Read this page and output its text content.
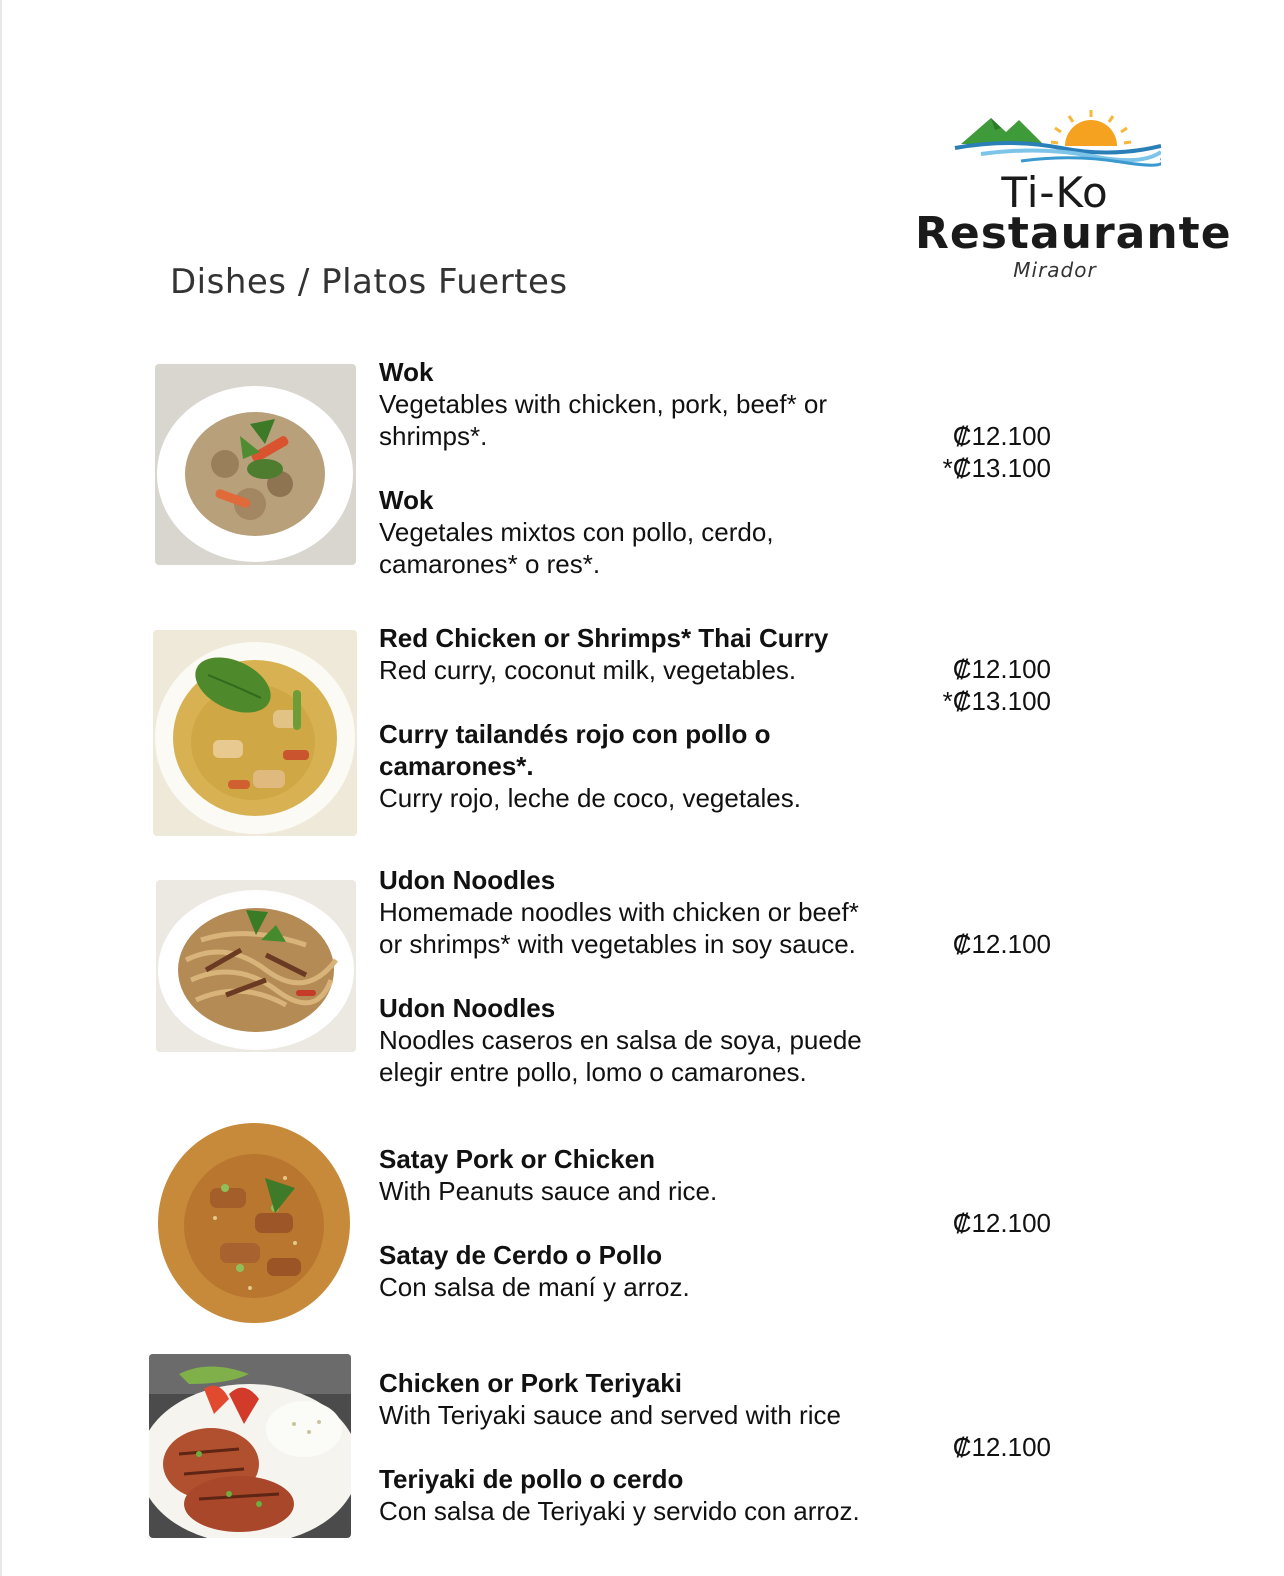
Ti-Ko
Restaurante
Mirador
Dishes / Platos Fuertes
Wok
Vegetables with chicken, pork, beef* or
shrimps*.
Wok
Vegetales mixtos con pollo, cerdo,
camarones* o res*.
₡12.100
*₡13.100
Red Chicken or Shrimps* Thai Curry
Red curry, coconut milk, vegetables.
Curry tailandés rojo con pollo o
camarones*.
Curry rojo, leche de coco, vegetales.
₡12.100
*₡13.100
Udon Noodles
Homemade noodles with chicken or beef*
or shrimps* with vegetables in soy sauce.
Udon Noodles
Noodles caseros en salsa de soya, puede
elegir entre pollo, lomo o camarones.
₡12.100
Satay Pork or Chicken
With Peanuts sauce and rice.
Satay de Cerdo o Pollo
Con salsa de maní y arroz.
₡12.100
Chicken or Pork Teriyaki
With Teriyaki sauce and served with rice
Teriyaki de pollo o cerdo
Con salsa de Teriyaki y servido con arroz.
₡12.100
